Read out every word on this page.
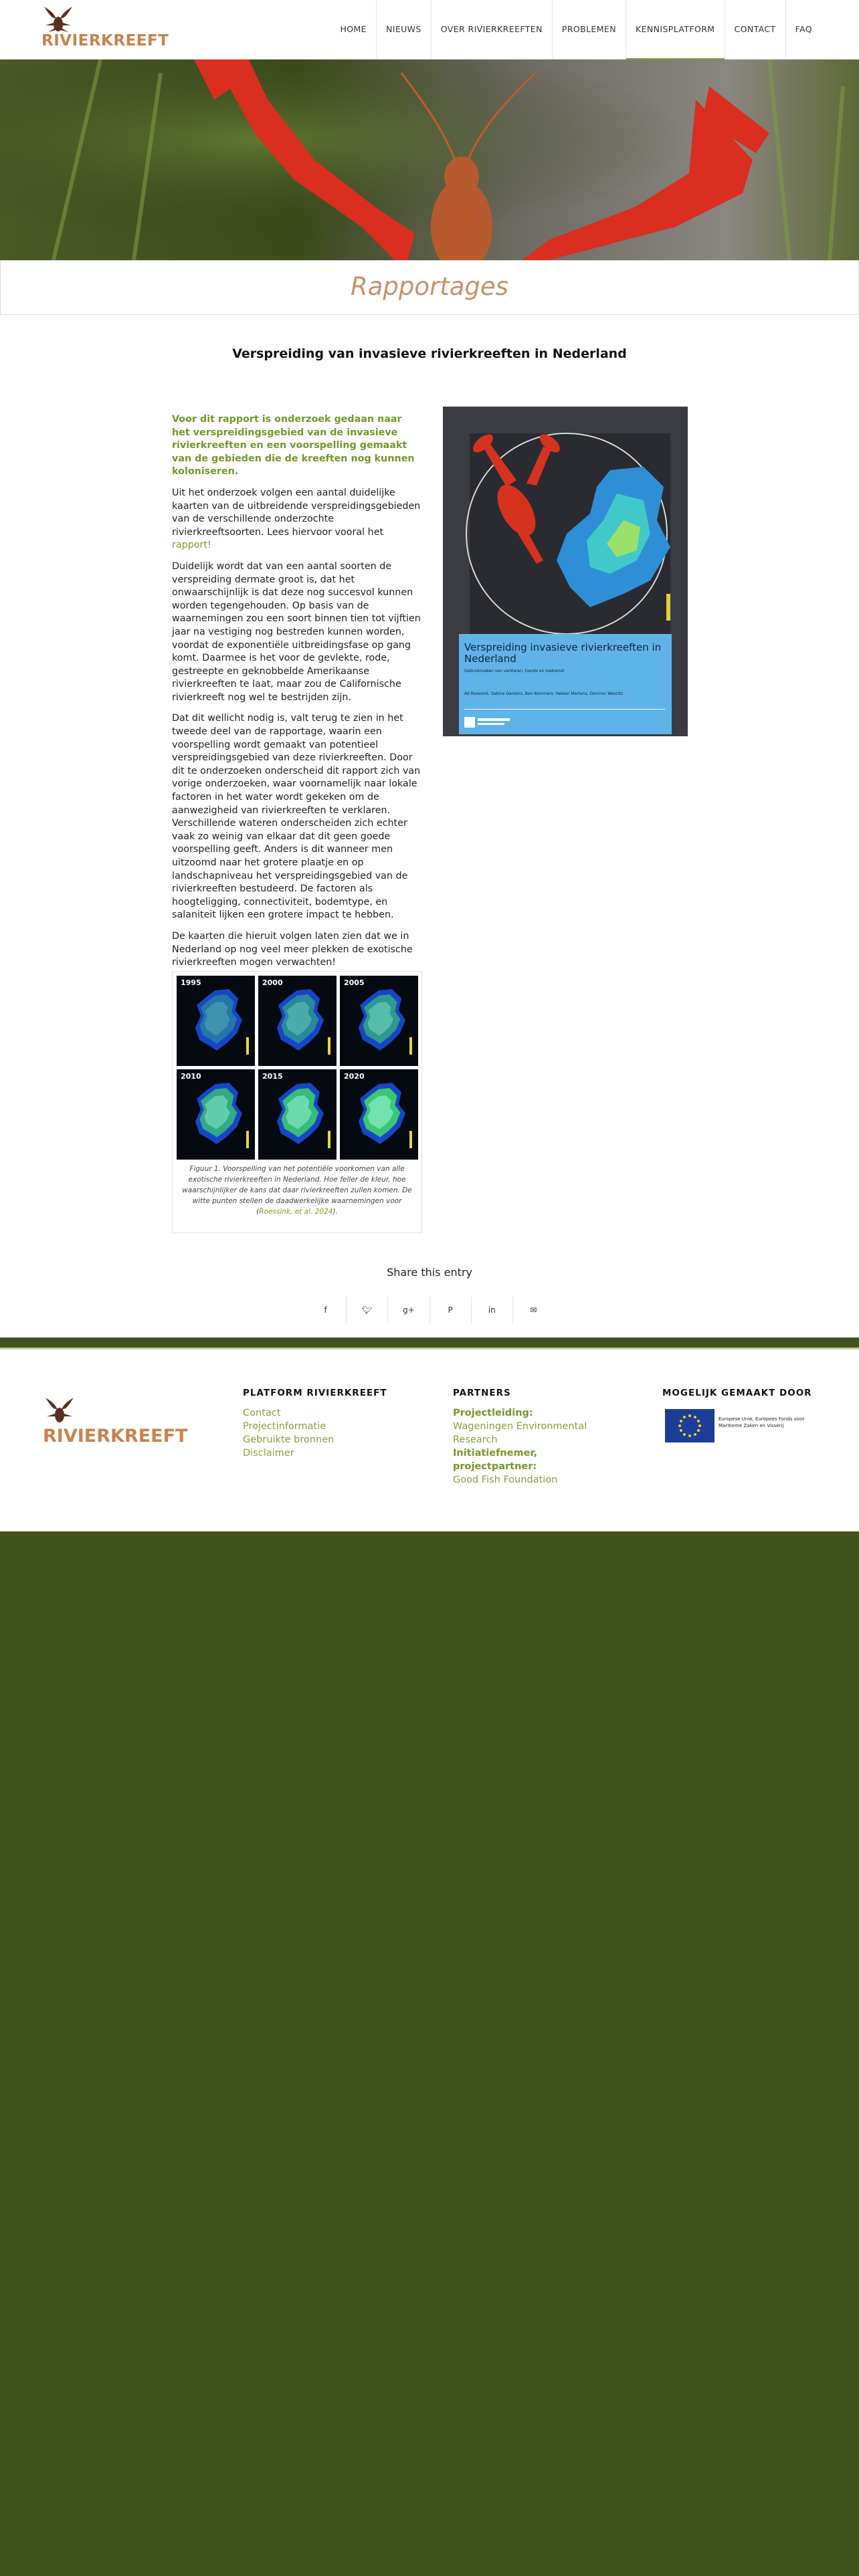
RIVIERKREEFT
HOME	NIEUWS	OVER RIVIERKREEFTEN	PROBLEMEN	KENNISPLATFORM	CONTACT	FAQ
Rapportages
Verspreiding van invasieve rivierkreeften in Nederland

Voor dit rapport is onderzoek gedaan naar het verspreidingsgebied van de invasieve rivierkreeften en een voorspelling gemaakt van de gebieden die de kreeften nog kunnen koloniseren.

Uit het onderzoek volgen een aantal duidelijke kaarten van de uitbreidende verspreidingsgebieden van de verschillende onderzochte rivierkreeftsoorten. Lees hiervoor vooral het rapport!

Duidelijk wordt dat van een aantal soorten de verspreiding dermate groot is, dat het onwaarschijnlijk is dat deze nog succesvol kunnen worden tegengehouden. Op basis van de waarnemingen zou een soort binnen tien tot vijftien jaar na vestiging nog bestreden kunnen worden, voordat de exponentiële uitbreidingsfase op gang komt. Daarmee is het voor de gevlekte, rode, gestreepte en geknobbelde Amerikaanse rivierkreeften te laat, maar zou de Californische rivierkreeft nog wel te bestrijden zijn.

Dat dit wellicht nodig is, valt terug te zien in het tweede deel van de rapportage, waarin een voorspelling wordt gemaakt van potentieel verspreidingsgebied van deze rivierkreeften. Door dit te onderzoeken onderscheid dit rapport zich van vorige onderzoeken, waar voornamelijk naar lokale factoren in het water wordt gekeken om de aanwezigheid van rivierkreeften te verklaren. Verschillende wateren onderscheiden zich echter vaak zo weinig van elkaar dat dit geen goede voorspelling geeft. Anders is dit wanneer men uitzoomd naar het grotere plaatje en op landschapniveau het verspreidingsgebied van de rivierkreeften bestudeerd. De factoren als hoogteligging, connectiviteit, bodemtype, en salaniteit lijken een grotere impact te hebben.

De kaarten die hieruit volgen laten zien dat we in Nederland op nog veel meer plekken de exotische rivierkreeften mogen verwachten!

Verspreiding invasieve rivierkreeften in Nederland
Gebruikmaken van verklaren, trends en toekomst
Ad Roessink, Sabine Dankers, Ben Kemmers, Heleen Mertens, Dominic Wesnitz
1995	2000	2005
2010	2015	2020
Figuur 1. Voorspelling van het potentiële voorkomen van alle exotische rivierkreeften in Nederland. Hoe feller de kleur, hoe waarschijnlijker de kans dat daar rivierkreeften zullen komen. De witte punten stellen de daadwerkelijke waarnemingen voor (Roessink, et al. 2024).
Share this entry
f	🐦︎	g+	P	in	✉
RIVIERKREEFT
PLATFORM RIVIERKREEFT
Contact
Projectinformatie
Gebruikte bronnen
Disclaimer
PARTNERS
Projectleiding:
Wageningen Environmental Research
Initiatiefnemer, projectpartner:
Good Fish Foundation
MOGELIJK GEMAAKT DOOR
Europese Unie, Europees Fonds voor Maritieme Zaken en Visserij
